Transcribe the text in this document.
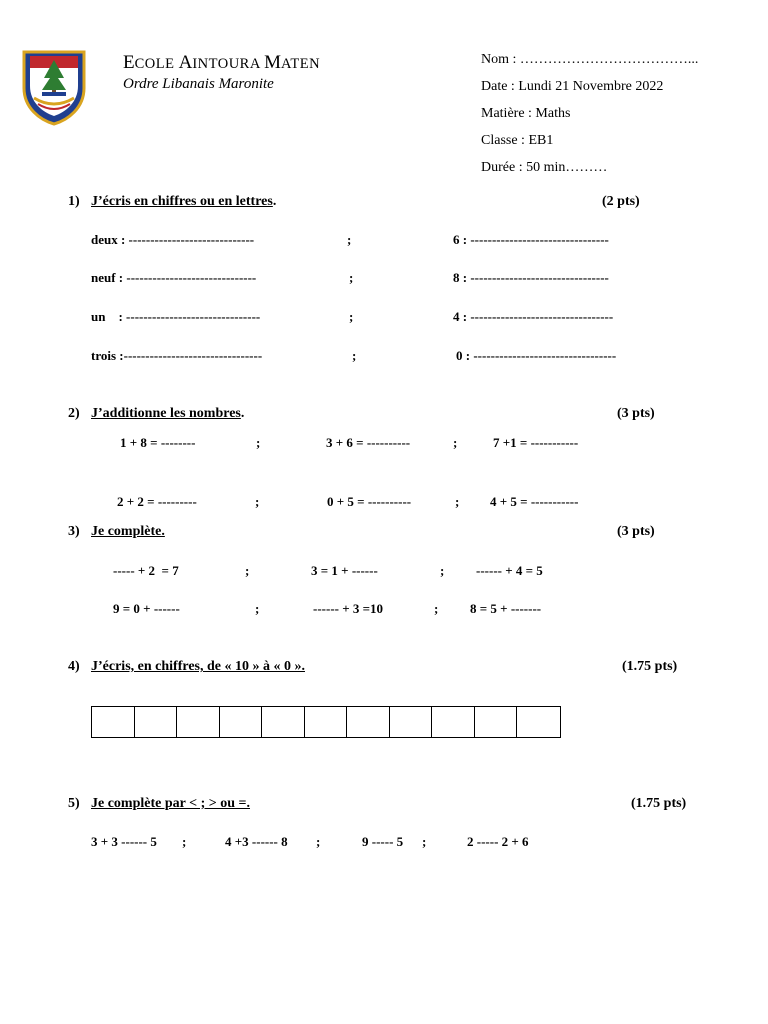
ECOLE AINTOURA MATEN
Ordre Libanais Maronite
Nom : ………………………………...
Date : Lundi 21 Novembre 2022
Matière : Maths
Classe : EB1
Durée : 50 min………
1) J’écris en chiffres ou en lettres.	(2 pts)
deux : -----------------------------	;	6 : --------------------------------
neuf : ------------------------------	;	8 : --------------------------------
un    : -------------------------------	;	4 : ---------------------------------
trois :--------------------------------	;	0 : ---------------------------------
2) J’additionne les nombres.	(3 pts)
1 + 8 = --------	;	3 + 6 = ----------	;	7 +1 = -----------
2 + 2 = ---------	;	0 + 5 = ----------	; 4 + 5 = -----------
3) Je complète.	(3 pts)
----- + 2  = 7	;	3 = 1 + ------	; ------ + 4 = 5
9 = 0 + ------	;	------ + 3 =10	; 8 = 5 + -------
4) J’écris, en chiffres, de « 10 » à « 0 ».	(1.75 pts)
5) Je complète par < ; > ou =.	(1.75 pts)
3 + 3 ------ 5 ;	4 +3 ------ 8 ;	9 ----- 5 ;	2 ----- 2 + 6
